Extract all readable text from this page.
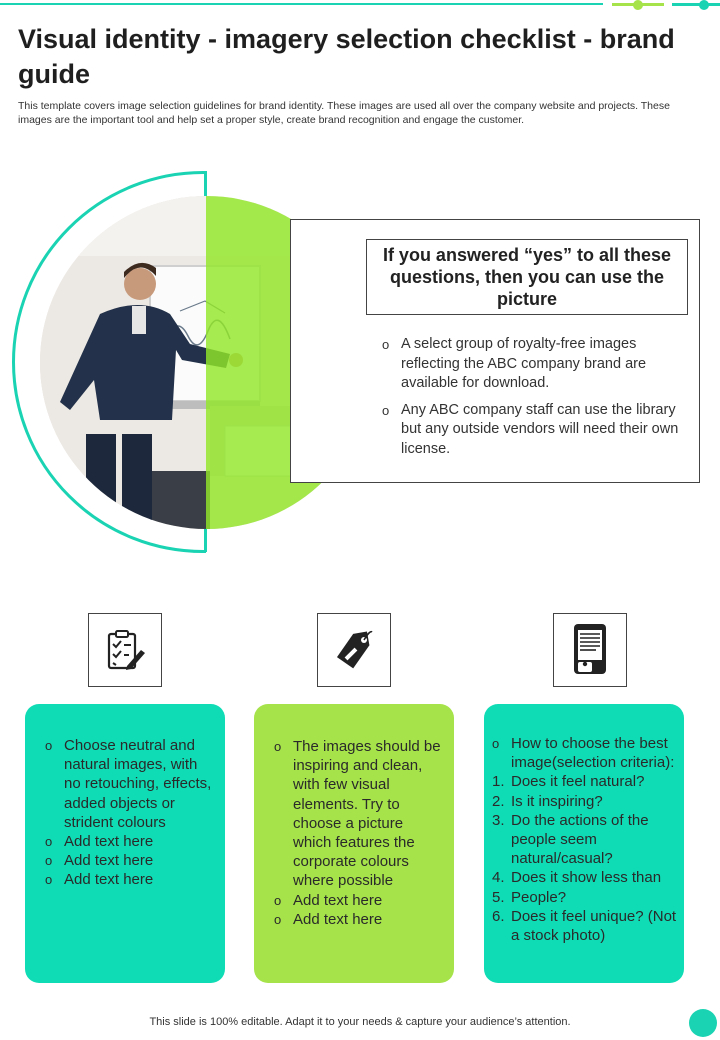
Visual identity - imagery selection checklist - brand guide

This template covers image selection guidelines for brand identity. These images are used all over the company website and projects. These images are the important tool and help set a proper style, create brand recognition and engage the customer.

If you answered “yes” to all these questions, then you can use the picture
o A select group of royalty-free images reflecting the ABC company brand are available for download.
o Any ABC company staff can use the library but any outside vendors will need their own license.
o Choose neutral and natural images, with no retouching, effects, added objects or strident colours
o Add text here
o Add text here
o Add text here
o The images should be inspiring and clean, with few visual elements. Try to choose a picture which features the corporate colours where possible
o Add text here
o Add text here
o How to choose the best image(selection criteria):
1. Does it feel natural?
2. Is it inspiring?
3. Do the actions of the people seem natural/casual?
4. Does it show less than
5. People?
6. Does it feel unique? (Not a stock photo)
This slide is 100% editable. Adapt it to your needs & capture your audience’s attention.
